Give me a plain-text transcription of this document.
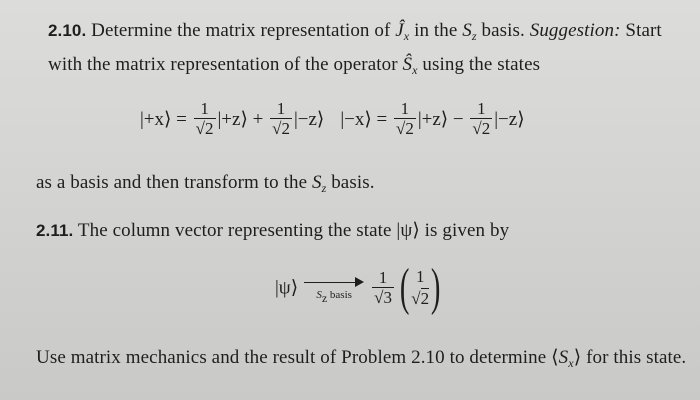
2.10. Determine the matrix representation of $Ĵ_x$ in the $S_z$ basis. Suggestion: Start
with the matrix representation of the operator $Ŝ_x$ using the states
|+x⟩ = $\frac{1}{√2}$ |+z⟩ + $\frac{1}{√2}$ |−z⟩ |−x⟩ = $\frac{1}{√2}$ |+z⟩ − $\frac{1}{√2}$ |−z⟩
as a basis and then transform to the $S_z$ basis.
2.11. The column vector representing the state |ψ⟩ is given by
|ψ⟩	$S_z$ basis	$\frac{1}{√3}$ ( 1
√2 )
Use matrix mechanics and the result of Problem 2.10 to determine $⟨S_x⟩$ for this state.
